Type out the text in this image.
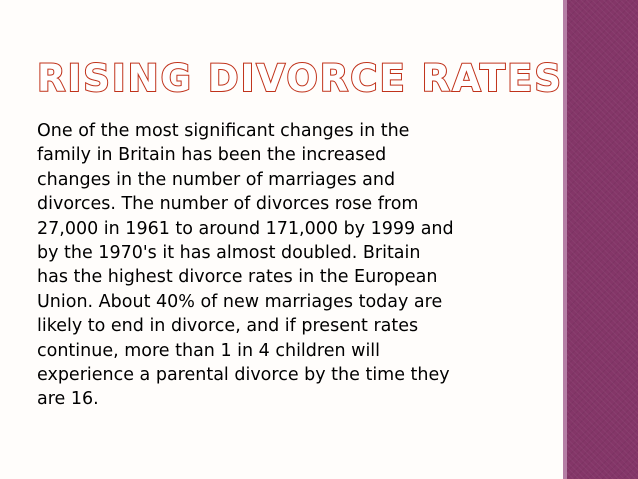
RISING DIVORCE RATES

One of the most significant changes in the
family in Britain has been the increased
changes in the number of marriages and
divorces. The number of divorces rose from
27,000 in 1961 to around 171,000 by 1999 and
by the 1970's it has almost doubled. Britain
has the highest divorce rates in the European
Union. About 40% of new marriages today are
likely to end in divorce, and if present rates
continue, more than 1 in 4 children will
experience a parental divorce by the time they
are 16.
